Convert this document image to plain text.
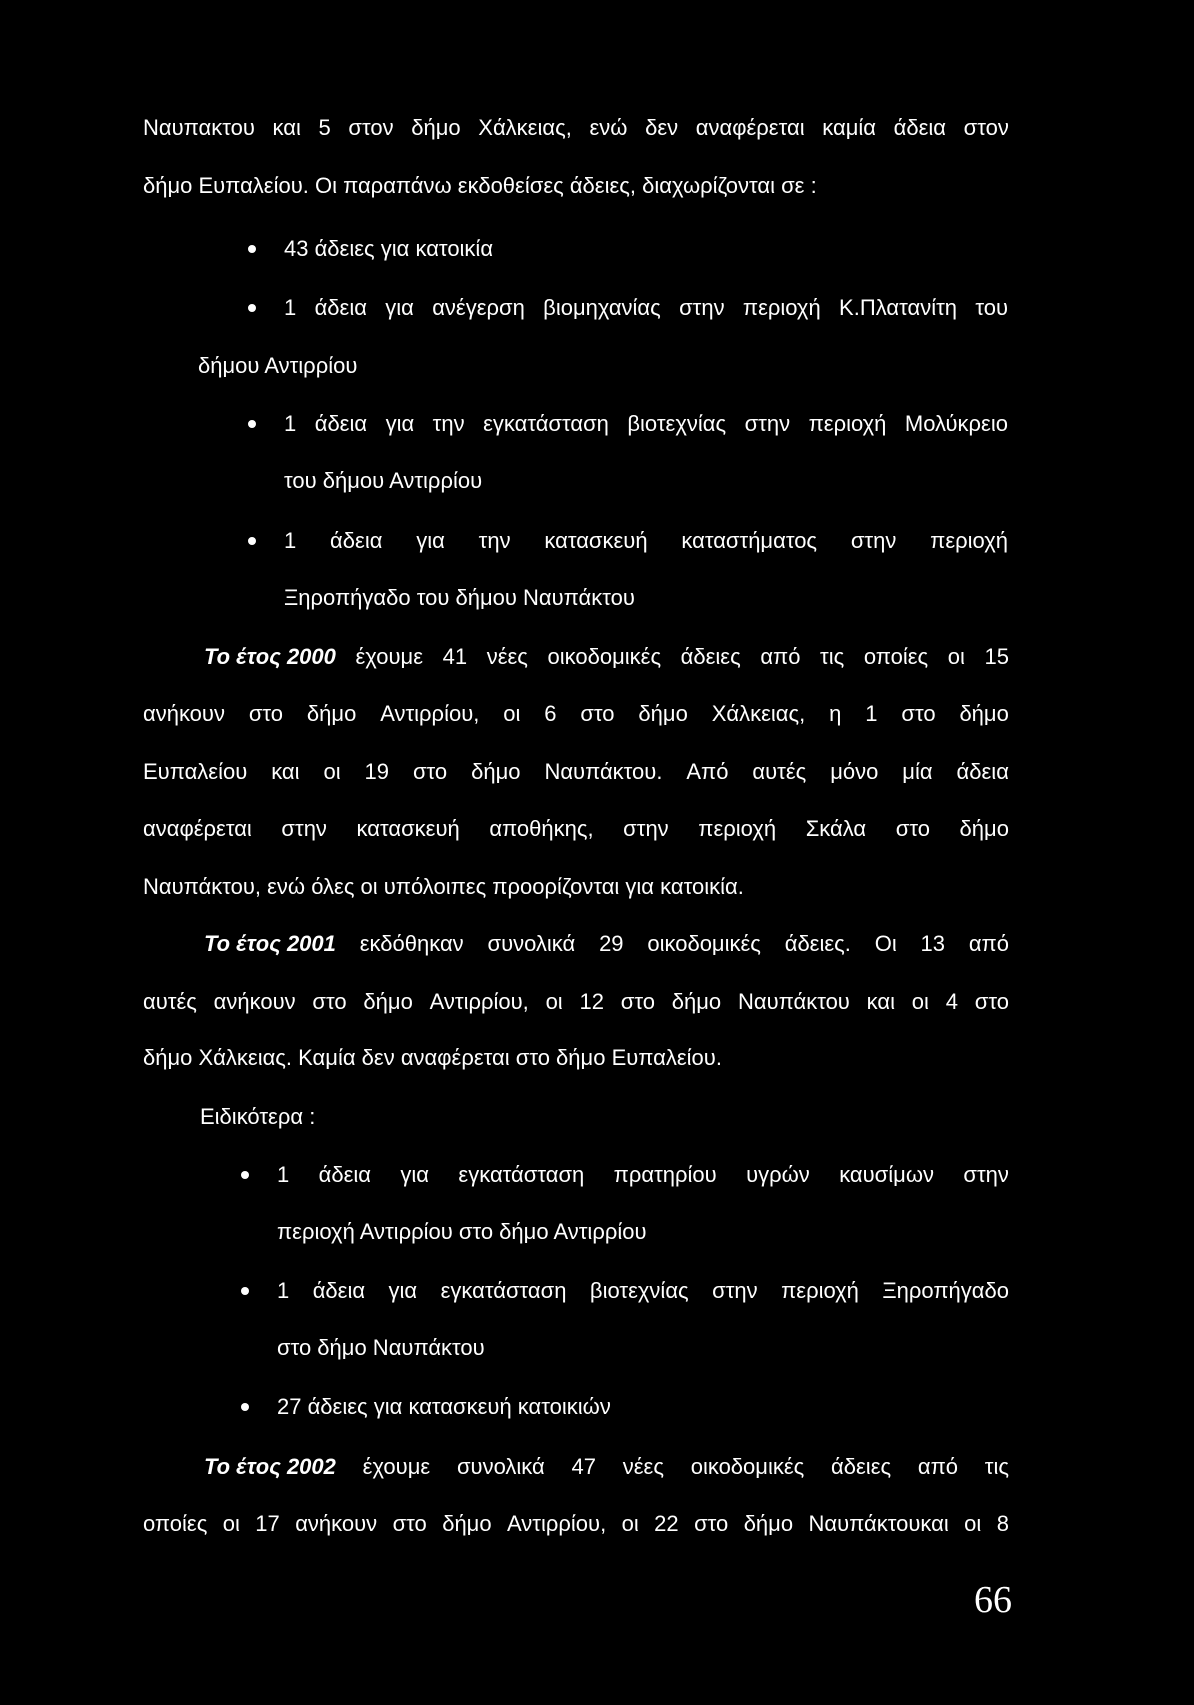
Ναυπακτου και 5 στον δήμο Χάλκειας, ενώ δεν αναφέρεται καμία άδεια στον
δήμο Ευπαλείου. Οι παραπάνω εκδοθείσες άδειες, διαχωρίζονται σε :
43 άδειες για κατοικία
1 άδεια για ανέγερση βιομηχανίας στην περιοχή Κ.Πλατανίτη του
δήμου Αντιρρίου
1 άδεια για την εγκατάσταση βιοτεχνίας στην περιοχή Μολύκρειο
του δήμου Αντιρρίου
1 άδεια για την κατασκευή καταστήματος στην περιοχή
Ξηροπήγαδο του δήμου Ναυπάκτου
Το έτος 2000 έχουμε 41 νέες οικοδομικές άδειες από τις οποίες οι 15
ανήκουν στο δήμο Αντιρρίου, οι 6 στο δήμο Χάλκειας, η 1 στο δήμο
Ευπαλείου και οι 19 στο δήμο Ναυπάκτου. Από αυτές μόνο μία άδεια
αναφέρεται στην κατασκευή αποθήκης, στην περιοχή Σκάλα στο δήμο
Ναυπάκτου, ενώ όλες οι υπόλοιπες προορίζονται για κατοικία.
Το έτος 2001 εκδόθηκαν συνολικά 29 οικοδομικές άδειες. Οι 13 από
αυτές ανήκουν στο δήμο Αντιρρίου, οι 12 στο δήμο Ναυπάκτου και οι 4 στο
δήμο Χάλκειας. Καμία δεν αναφέρεται στο δήμο Ευπαλείου.
Ειδικότερα :
1 άδεια για εγκατάσταση πρατηρίου υγρών καυσίμων στην
περιοχή Αντιρρίου στο δήμο Αντιρρίου
1 άδεια για εγκατάσταση βιοτεχνίας στην περιοχή Ξηροπήγαδο
στο δήμο Ναυπάκτου
27 άδειες για κατασκευή κατοικιών
Το έτος 2002 έχουμε συνολικά 47 νέες οικοδομικές άδειες από τις
οποίες οι 17 ανήκουν στο δήμο Αντιρρίου, οι 22 στο δήμο Ναυπάκτουκαι οι 8
66
